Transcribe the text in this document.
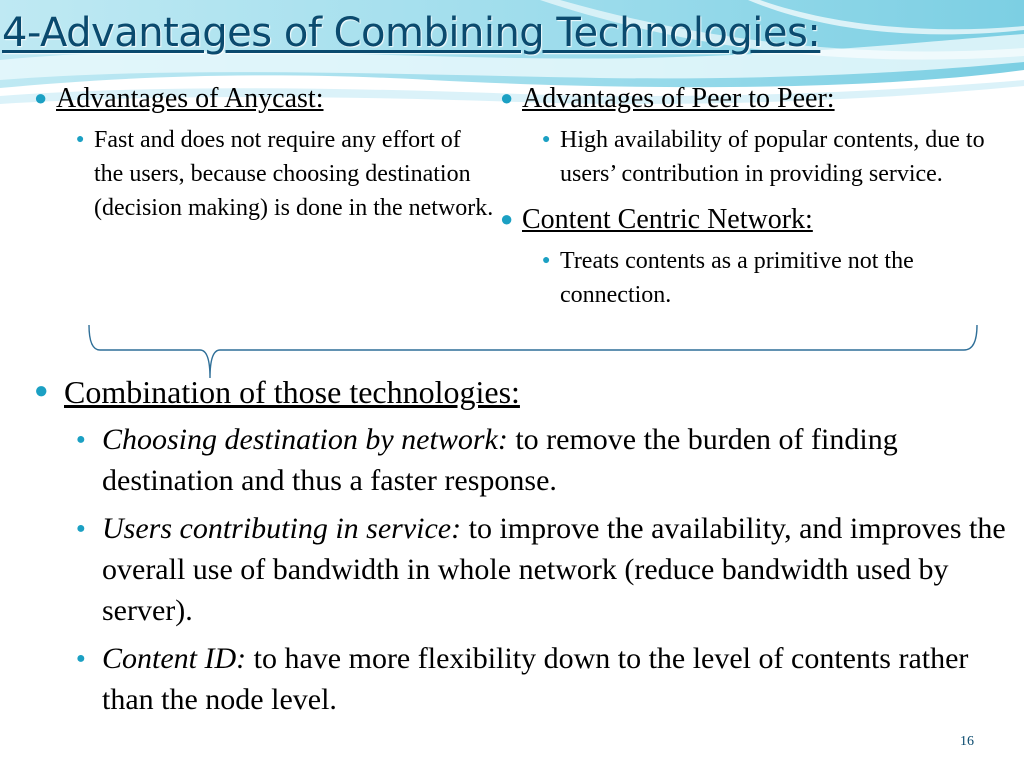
4-Advantages of Combining Technologies:
● Advantages of Anycast:
● Fast and does not require any effort of the users, because choosing destination (decision making) is done in the network.
● Advantages of Peer to Peer:
● High availability of popular contents, due to users’ contribution in providing service.
● Content Centric Network:
● Treats contents as a primitive not the connection.
● Combination of those technologies:
● Choosing destination by network: to remove the burden of finding destination and thus a faster response.
● Users contributing in service: to improve the availability, and improves the overall use of bandwidth in whole network (reduce bandwidth used by server).
● Content ID: to have more flexibility down to the level of contents rather than the node level.
16
